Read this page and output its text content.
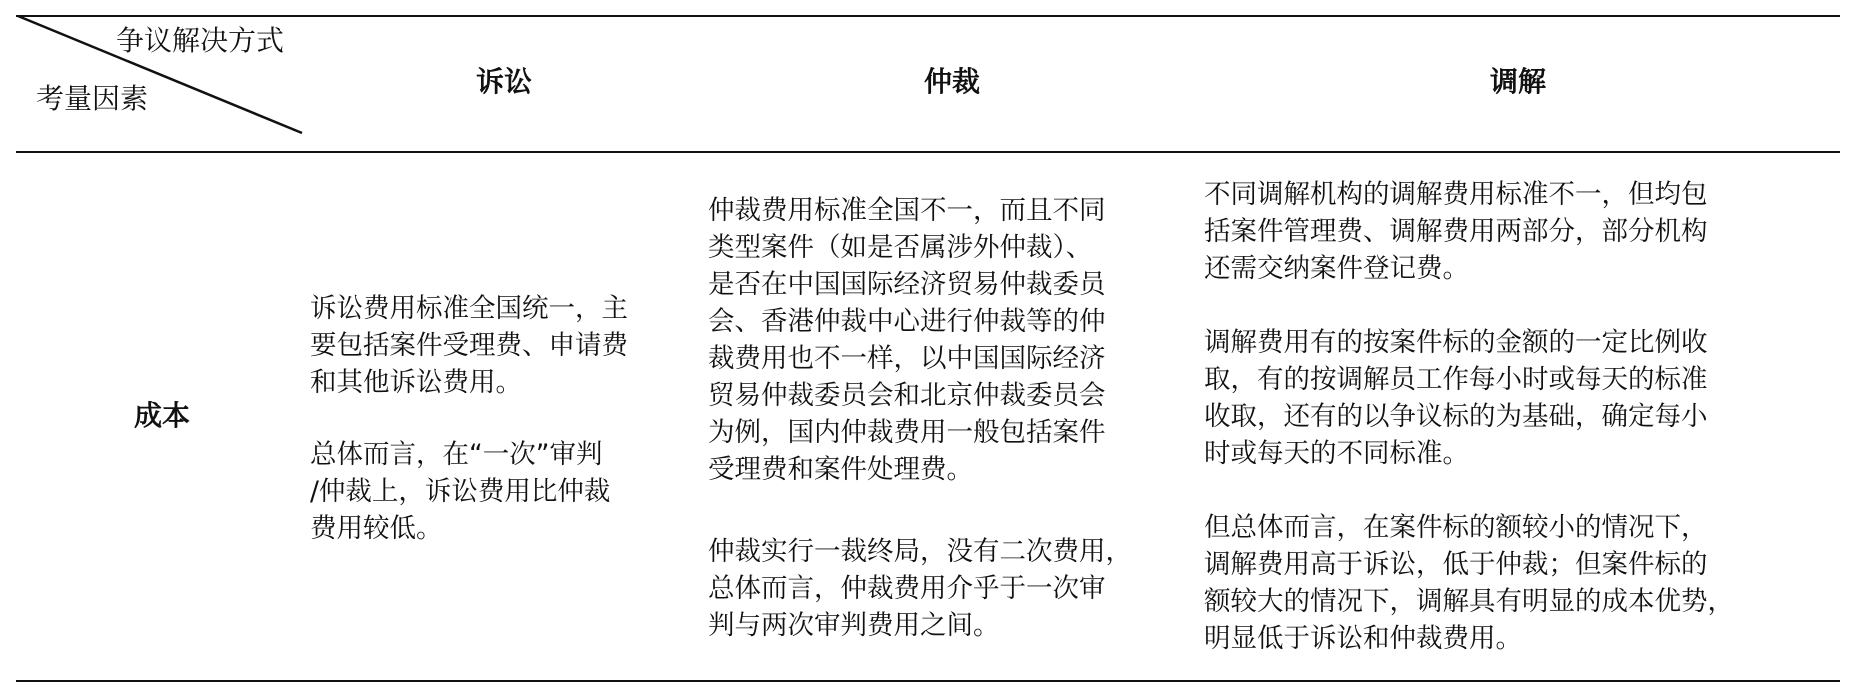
争议解决方式
考量因素
诉讼	仲裁	调解
成本

诉讼费用标准全国统一，主

要包括案件受理费、申请费

和其他诉讼费用。

总体而言，在“一次”审判

/仲裁上，诉讼费用比仲裁

费用较低。

仲裁费用标准全国不一，而且不同

类型案件（如是否属涉外仲裁）、

是否在中国国际经济贸易仲裁委员

会、香港仲裁中心进行仲裁等的仲

裁费用也不一样，以中国国际经济

贸易仲裁委员会和北京仲裁委员会

为例，国内仲裁费用一般包括案件

受理费和案件处理费。

仲裁实行一裁终局，没有二次费用，

总体而言，仲裁费用介乎于一次审

判与两次审判费用之间。

不同调解机构的调解费用标准不一，但均包

括案件管理费、调解费用两部分，部分机构

还需交纳案件登记费。

调解费用有的按案件标的金额的一定比例收

取，有的按调解员工作每小时或每天的标准

收取，还有的以争议标的为基础，确定每小

时或每天的不同标准。

但总体而言，在案件标的额较小的情况下，

调解费用高于诉讼，低于仲裁；但案件标的

额较大的情况下，调解具有明显的成本优势，

明显低于诉讼和仲裁费用。
